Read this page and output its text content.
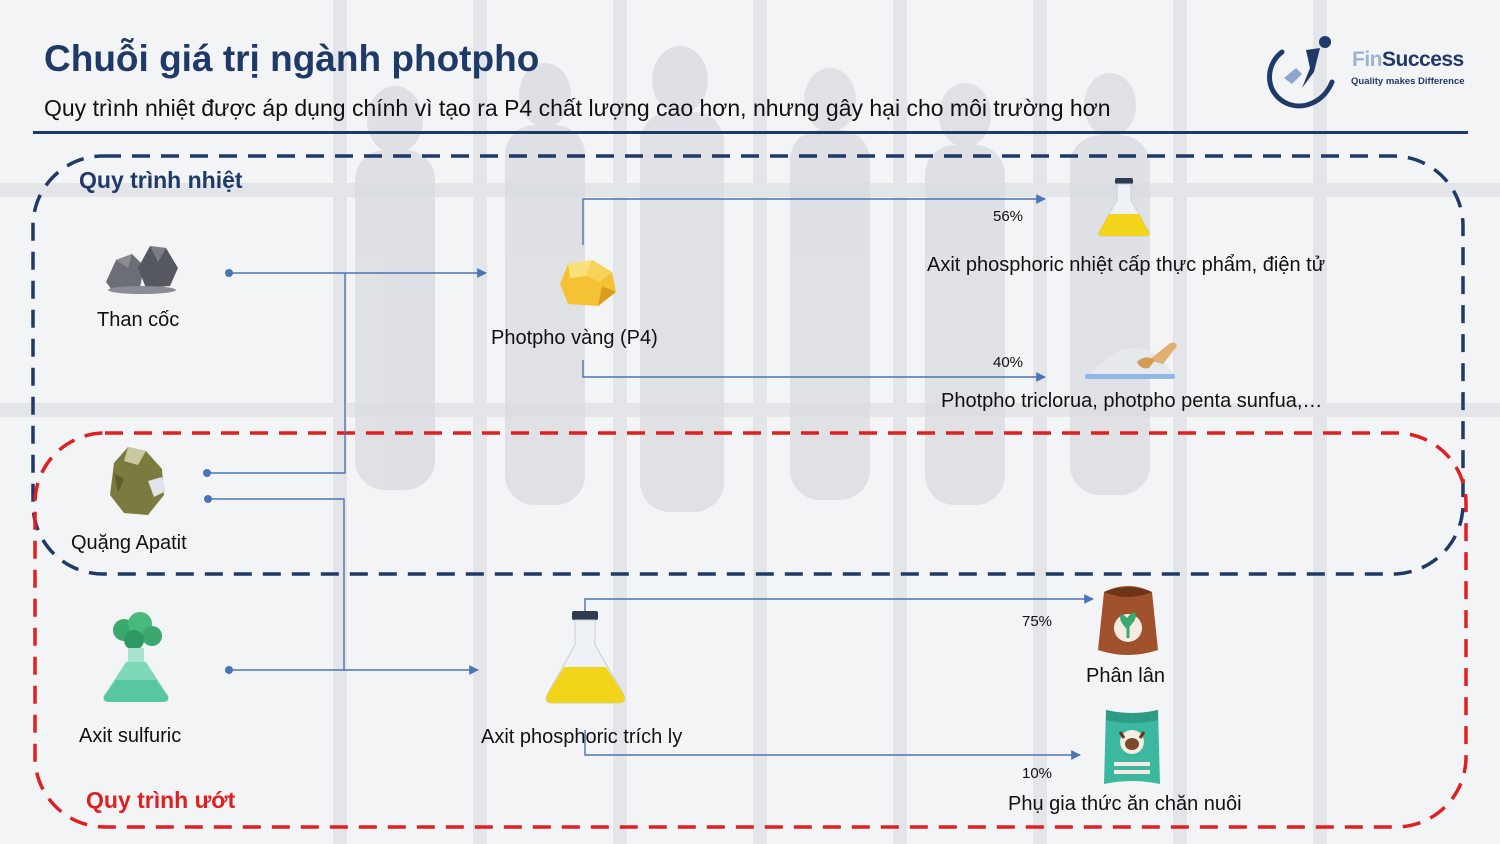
Chuỗi giá trị ngành photpho

Quy trình nhiệt được áp dụng chính vì tạo ra P4 chất lượng cao hơn, nhưng gây hại cho môi trường hơn

FinSuccess
Quality makes Difference
Quy trình nhiệt
Quy trình ướt
Than cốc
Quặng Apatit
Axit sulfuric
Photpho vàng (P4)
Axit phosphoric trích ly
Axit phosphoric nhiệt cấp thực phẩm, điện tử
Photpho triclorua, photpho penta sunfua,…
Phân lân
Phụ gia thức ăn chăn nuôi
56%
40%
75%
10%
